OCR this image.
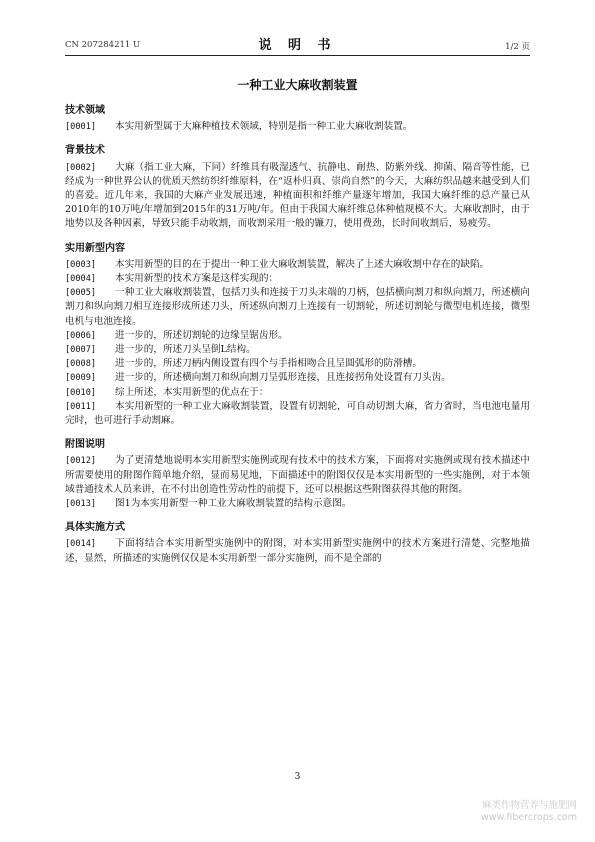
CN 207284211 U	说 明 书	1/2 页
一种工业大麻收割装置
技术领域

[0001] 本实用新型属于大麻种植技术领域，特别是指一种工业大麻收割装置。

背景技术

[0002] 大麻（指工业大麻，下同）纤维具有吸湿透气、抗静电、耐热、防紫外线、抑菌、隔音等性能，已经成为一种世界公认的优质天然纺织纤维原料，在“返朴归真、崇尚自然”的今天，大麻纺织品越来越受到人们的喜爱。近几年来，我国的大麻产业发展迅速，种植面积和纤维产量逐年增加，我国大麻纤维的总产量已从2010年的10万吨/年增加到2015年的31万吨/年。但由于我国大麻纤维总体种植规模不大。大麻收割时，由于地势以及各种因素，导致只能手动收割，而收割采用一般的镰刀，使用费劲，长时间收割后，易疲劳。

实用新型内容

[0003] 本实用新型的目的在于提出一种工业大麻收割装置，解决了上述大麻收割中存在的缺陷。

[0004] 本实用新型的技术方案是这样实现的：

[0005] 一种工业大麻收割装置，包括刀头和连接于刀头末端的刀柄，包括横向割刀和纵向割刀，所述横向割刀和纵向割刀相互连接形成所述刀头，所述纵向割刀上连接有一切割轮，所述切割轮与微型电机连接，微型电机与电池连接。

[0006] 进一步的，所述切割轮的边缘呈锯齿形。

[0007] 进一步的，所述刀头呈倒L结构。

[0008] 进一步的，所述刀柄内侧设置有四个与手指相吻合且呈圆弧形的防滑槽。

[0009] 进一步的，所述横向割刀和纵向割刀呈弧形连接，且连接拐角处设置有刀头齿。

[0010] 综上所述，本实用新型的优点在于：

[0011] 本实用新型的一种工业大麻收割装置，设置有切割轮，可自动切割大麻，省力省时，当电池电量用完时，也可进行手动割麻。

附图说明

[0012] 为了更清楚地说明本实用新型实施例或现有技术中的技术方案，下面将对实施例或现有技术描述中所需要使用的附图作简单地介绍，显而易见地，下面描述中的附图仅仅是本实用新型的一些实施例，对于本领域普通技术人员来讲，在不付出创造性劳动性的前提下，还可以根据这些附图获得其他的附图。

[0013] 图1为本实用新型一种工业大麻收割装置的结构示意图。

具体实施方式

[0014] 下面将结合本实用新型实施例中的附图，对本实用新型实施例中的技术方案进行清楚、完整地描述，显然，所描述的实施例仅仅是本实用新型一部分实施例，而不是全部的

3
麻类作物营养与施肥网
www.fibercrops.com
